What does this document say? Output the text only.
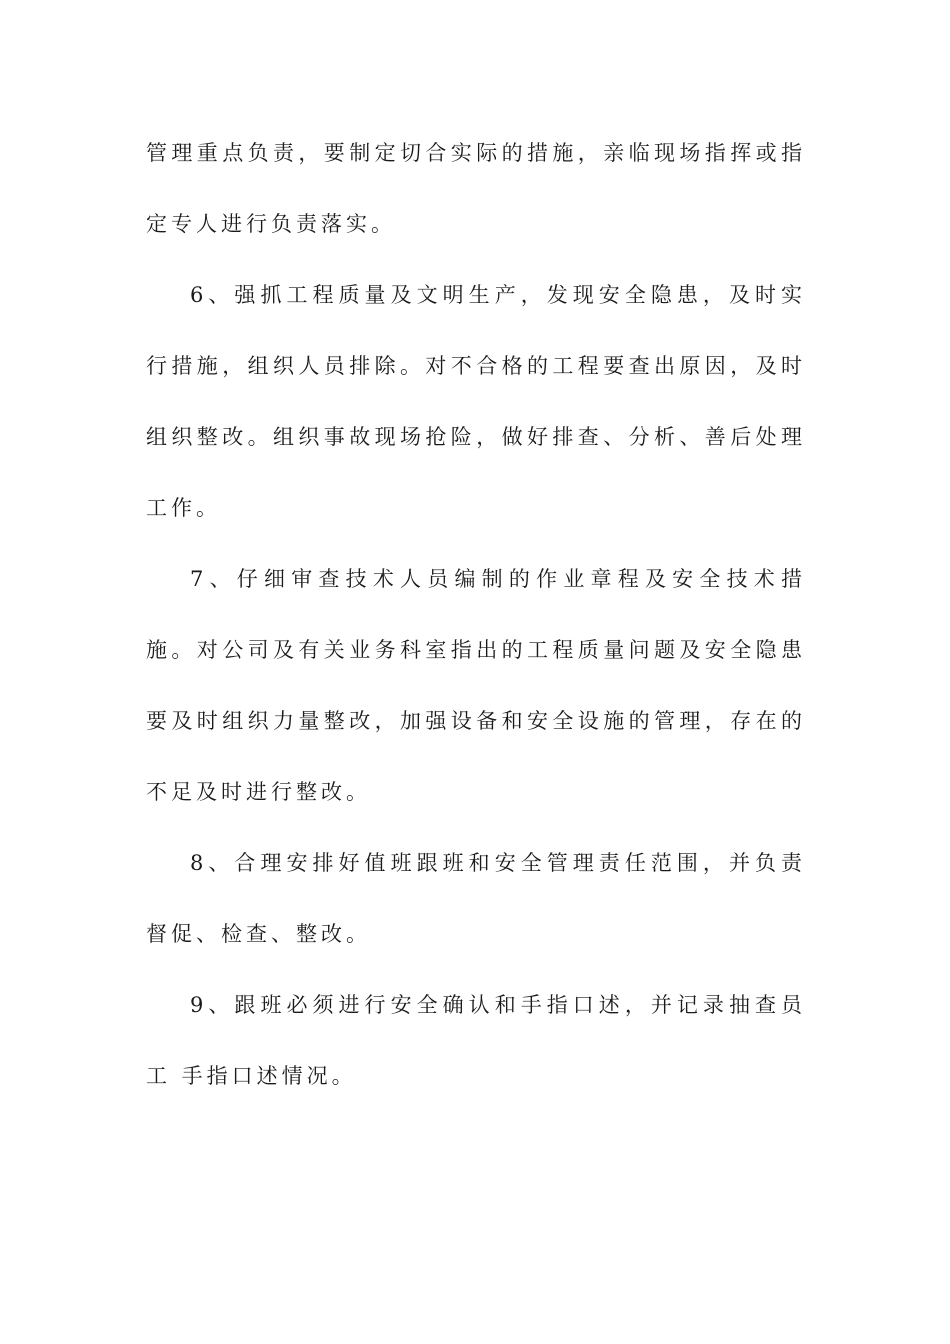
管理重点负责，要制定切合实际的措施，亲临现场指挥或指定专人进行负责落实。

6、强抓工程质量及文明生产，发现安全隐患，及时实行措施，组织人员排除。对不合格的工程要查出原因，及时组织整改。组织事故现场抢险，做好排查、分析、善后处理工作。

7、仔细审查技术人员编制的作业章程及安全技术措施。对公司及有关业务科室指出的工程质量问题及安全隐患要及时组织力量整改，加强设备和安全设施的管理，存在的不足及时进行整改。

8、合理安排好值班跟班和安全管理责任范围，并负责督促、检查、整改。

9、跟班必须进行安全确认和手指口述，并记录抽查员工 手指口述情况。
